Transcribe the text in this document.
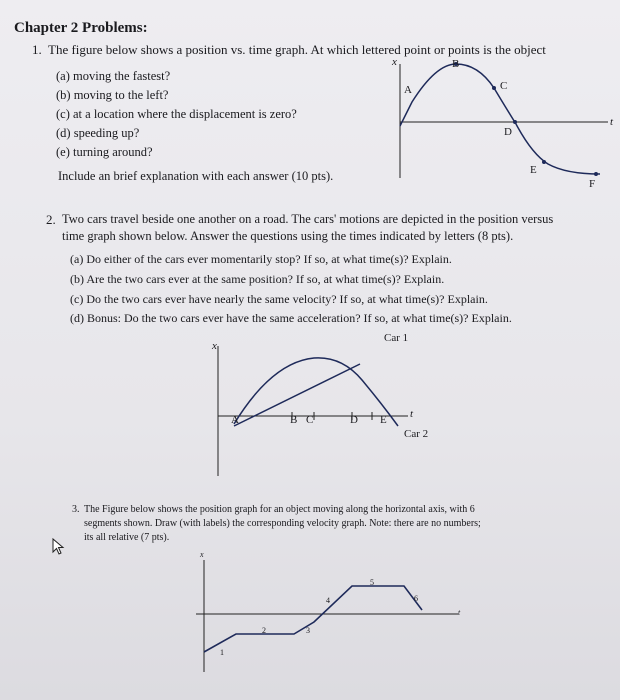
Chapter 2 Problems:
1. The figure below shows a position vs. time graph. At which lettered point or points is the object
(a) moving the fastest?
(b) moving to the left?
(c) at a location where the displacement is zero?
(d) speeding up?
(e) turning around?
Include an brief explanation with each answer (10 pts).
x
t
A
B
C
D
E
F
2. Two cars travel beside one another on a road. The cars' motions are depicted in the position versus
time graph shown below. Answer the questions using the times indicated by letters (8 pts).
(a) Do either of the cars ever momentarily stop? If so, at what time(s)? Explain.
(b) Are the two cars ever at the same position? If so, at what time(s)? Explain.
(c) Do the two cars ever have nearly the same velocity? If so, at what time(s)? Explain.
(d) Bonus: Do the two cars ever have the same acceleration? If so, at what time(s)? Explain.
x
t
Car 1
Car 2
A	B C	D E
3. The Figure below shows the position graph for an object moving along the horizontal axis, with 6
segments shown. Draw (with labels) the corresponding velocity graph. Note: there are no numbers;
its all relative (7 pts).
x
t
1
2	3
4
5
6
